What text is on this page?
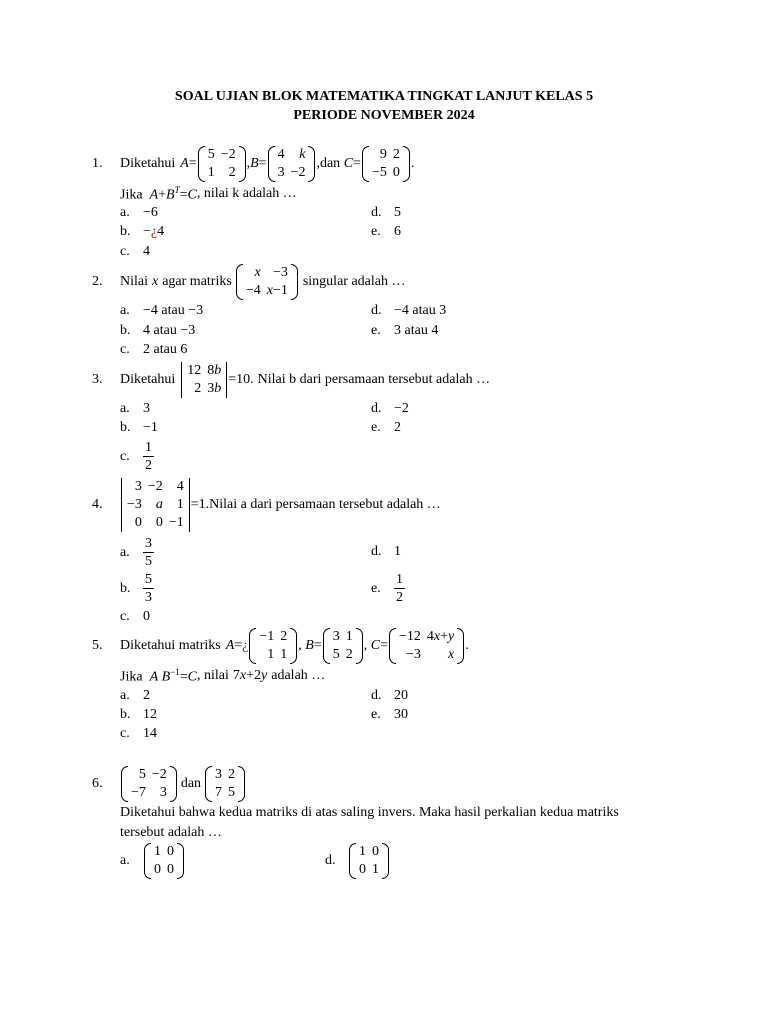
SOAL UJIAN BLOK MATEMATIKA TINGKAT LANJUT KELAS 5
PERIODE NOVEMBER 2024
1.	Diketahui A=
5	−2
1	2
,B=
4	k
3	−2
,dan C=
9	2
−5	0
.
Jika  $A+B^T=C$ , nilai k adalah …
a. −6
b. −¿ 4
c. 4
d. 5
e. 6
2.	Nilai x agar matriks
x	−3
−4	x−1
singular adalah …
a. −4 atau −3
b. 4 atau −3
c. 2 atau 6
d. −4 atau 3
e. 3 atau 4
3.	Diketahui
12	8b
2	3b
=10. Nilai b dari persamaan tersebut adalah …
a. 3
b. −1
c. $\frac{1}{2}$
d. −2
e. 2
4.
3	−2	4
−3	a	1
0	0	−1
=1. Nilai a dari persamaan tersebut adalah …
a. $\frac{3}{5}$
b. $\frac{5}{3}$
c. 0
d. 1
e. $\frac{1}{2}$
5.	Diketahui matriks A=¿
−1	2
1	1
, B=
3	1
5	2
, C=
−12	4x+y
−3	x
.
Jika  A $B^{-1}=C$ , nilai 7x+2y adalah …
a. 2
b. 12
c. 14
d. 20
e. 30
6.
5	−2
−7	3
dan
3	2
7	5
Diketahui bahwa kedua matriks di atas saling invers. Maka hasil perkalian kedua matriks
tersebut adalah …
a.
1	0
0	0
d.
1	0
0	1
